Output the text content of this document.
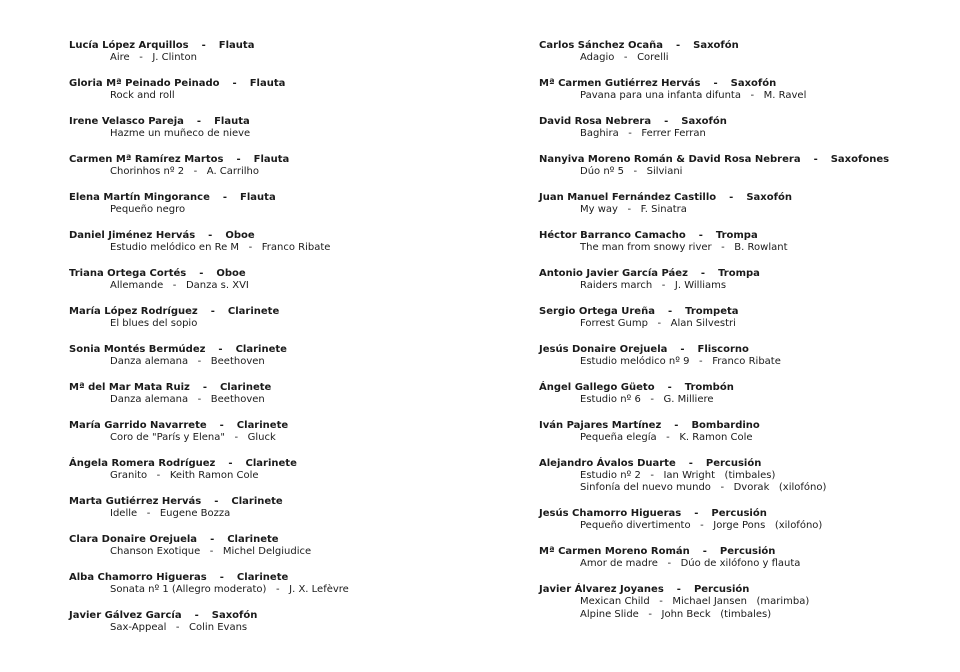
Lucía López Arquillos - Flauta
Aire   -   J. Clinton
Gloria Mª Peinado Peinado - Flauta
Rock and roll
Irene Velasco Pareja - Flauta
Hazme un muñeco de nieve
Carmen Mª Ramírez Martos - Flauta
Chorinhos nº 2   -   A. Carrilho
Elena Martín Mingorance - Flauta
Pequeño negro
Daniel Jiménez Hervás - Oboe
Estudio melódico en Re M   -   Franco Ribate
Triana Ortega Cortés - Oboe
Allemande   -   Danza s. XVI
María López Rodríguez - Clarinete
El blues del sopio
Sonia Montés Bermúdez - Clarinete
Danza alemana   -   Beethoven
Mª del Mar Mata Ruiz - Clarinete
Danza alemana   -   Beethoven
María Garrido Navarrete - Clarinete
Coro de "París y Elena"   -   Gluck
Ángela Romera Rodríguez - Clarinete
Granito   -   Keith Ramon Cole
Marta Gutiérrez Hervás - Clarinete
Idelle   -   Eugene Bozza
Clara Donaire Orejuela - Clarinete
Chanson Exotique   -   Michel Delgiudice
Alba Chamorro Higueras - Clarinete
Sonata nº 1 (Allegro moderato)   -   J. X. Lefèvre
Javier Gálvez García - Saxofón
Sax-Appeal   -   Colin Evans
Carlos Sánchez Ocaña - Saxofón
Adagio   -   Corelli
Mª Carmen Gutiérrez Hervás - Saxofón
Pavana para una infanta difunta   -   M. Ravel
David Rosa Nebrera - Saxofón
Baghira   -   Ferrer Ferran
Nanyiva Moreno Román & David Rosa Nebrera - Saxofones
Dúo nº 5   -   Silviani
Juan Manuel Fernández Castillo - Saxofón
My way   -   F. Sinatra
Héctor Barranco Camacho - Trompa
The man from snowy river   -   B. Rowlant
Antonio Javier García Páez - Trompa
Raiders march   -   J. Williams
Sergio Ortega Ureña - Trompeta
Forrest Gump   -   Alan Silvestri
Jesús Donaire Orejuela - Fliscorno
Estudio melódico nº 9   -   Franco Ribate
Ángel Gallego Güeto - Trombón
Estudio nº 6   -   G. Milliere
Iván Pajares Martínez - Bombardino
Pequeña elegía   -   K. Ramon Cole
Alejandro Ávalos Duarte - Percusión
Estudio nº 2   -   Ian Wright   (timbales)
Sinfonía del nuevo mundo   -   Dvorak   (xilofóno)
Jesús Chamorro Higueras - Percusión
Pequeño divertimento   -   Jorge Pons   (xilofóno)
Mª Carmen Moreno Román - Percusión
Amor de madre   -   Dúo de xilófono y flauta
Javier Álvarez Joyanes - Percusión
Mexican Child   -   Michael Jansen   (marimba)
Alpine Slide   -   John Beck   (timbales)
